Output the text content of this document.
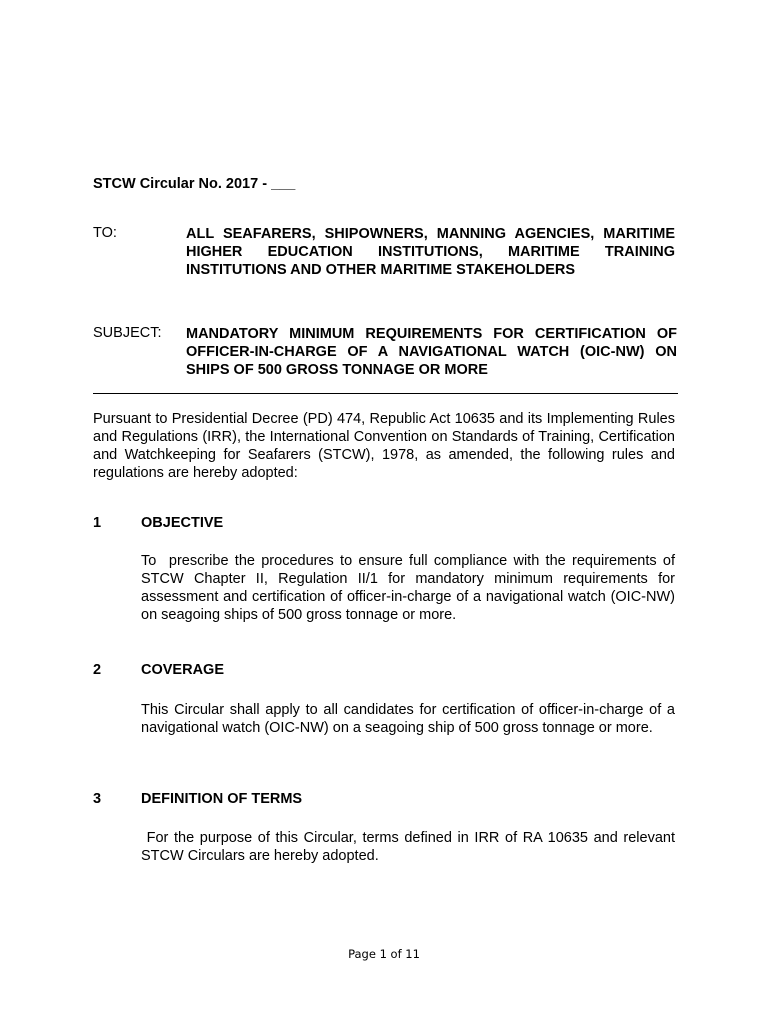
STCW Circular No. 2017 - ___
TO:	ALL SEAFARERS, SHIPOWNERS, MANNING AGENCIES, MARITIME HIGHER EDUCATION INSTITUTIONS, MARITIME TRAINING INSTITUTIONS AND OTHER MARITIME STAKEHOLDERS
SUBJECT: MANDATORY MINIMUM REQUIREMENTS FOR CERTIFICATION OF OFFICER-IN-CHARGE OF A NAVIGATIONAL WATCH (OIC-NW) ON SHIPS OF 500 GROSS TONNAGE OR MORE
Pursuant to Presidential Decree (PD) 474, Republic Act 10635 and its Implementing Rules and Regulations (IRR), the International Convention on Standards of Training, Certification and Watchkeeping for Seafarers (STCW), 1978, as amended, the following rules and regulations are hereby adopted:
1	OBJECTIVE
To  prescribe the procedures to ensure full compliance with the requirements of STCW Chapter II, Regulation II/1 for mandatory minimum requirements for assessment and certification of officer-in-charge of a navigational watch (OIC-NW) on seagoing ships of 500 gross tonnage or more.
2	COVERAGE
This Circular shall apply to all candidates for certification of officer-in-charge of a navigational watch (OIC-NW) on a seagoing ship of 500 gross tonnage or more.
3	DEFINITION OF TERMS
For the purpose of this Circular, terms defined in IRR of RA 10635 and relevant STCW Circulars are hereby adopted.
Page 1 of 11
